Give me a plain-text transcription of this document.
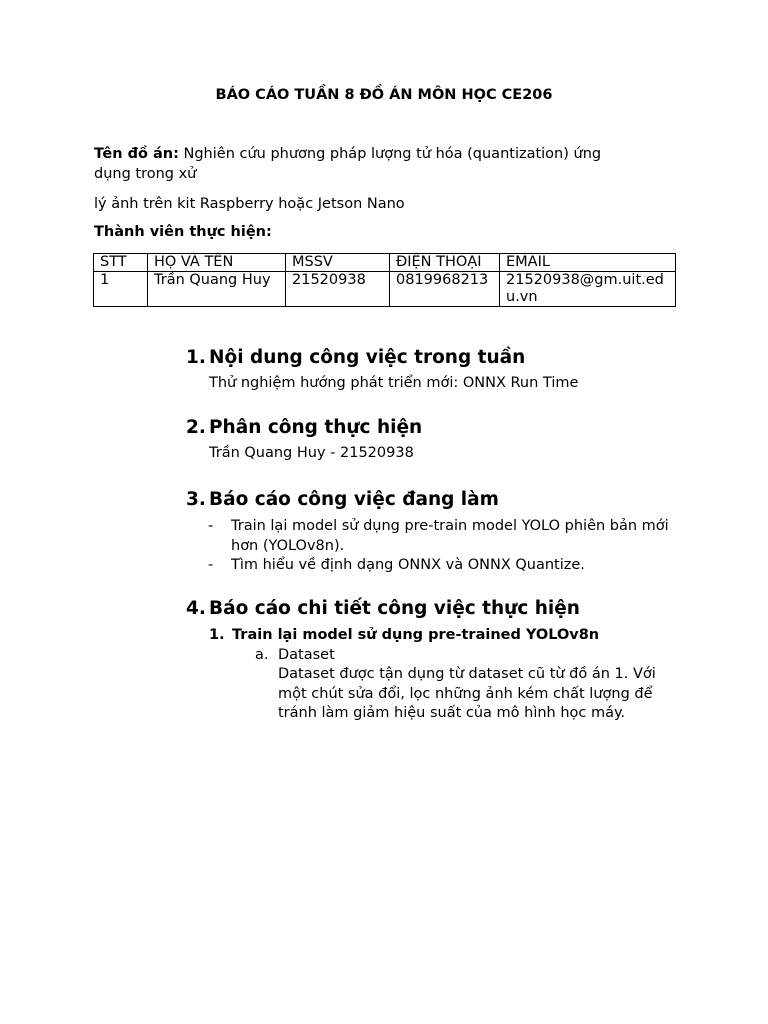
BÁO CÁO TUẦN 8 ĐỒ ÁN MÔN HỌC CE206
Tên đồ án: Nghiên cứu phương pháp lượng tử hóa (quantization) ứng
dụng trong xử
lý ảnh trên kit Raspberry hoặc Jetson Nano
Thành viên thực hiện:
STT	HỌ VÀ TÊN	MSSV	ĐIỆN THOẠI	EMAIL
1	Trần Quang Huy	21520938	0819968213	21520938@gm.uit.edu.vn
1. Nội dung công việc trong tuần
Thử nghiệm hướng phát triển mới: ONNX Run Time
2. Phân công thực hiện
Trần Quang Huy - 21520938
3. Báo cáo công việc đang làm
- Train lại model sử dụng pre-train model YOLO phiên bản mới hơn (YOLOv8n).
- Tìm hiểu về định dạng ONNX và ONNX Quantize.
4. Báo cáo chi tiết công việc thực hiện
1. Train lại model sử dụng pre-trained YOLOv8n
a. Dataset
Dataset được tận dụng từ dataset cũ từ đồ án 1. Với một chút sửa đổi, lọc những ảnh kém chất lượng để tránh làm giảm hiệu suất của mô hình học máy.
